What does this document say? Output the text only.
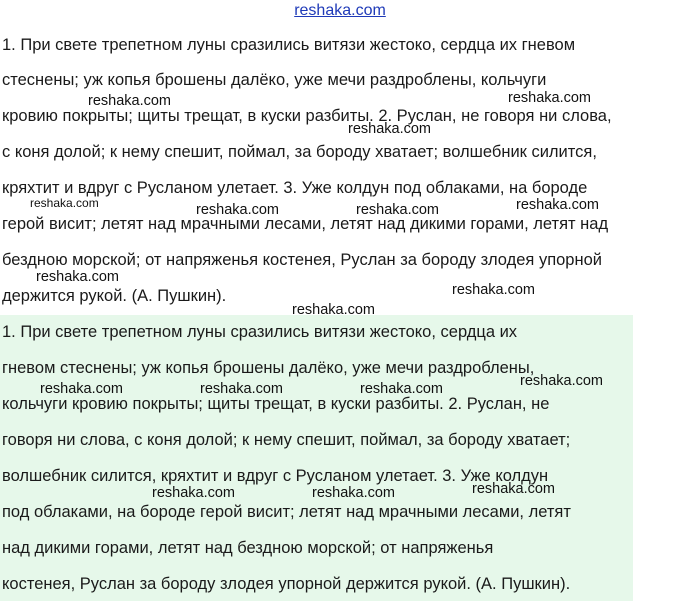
reshaka.com
1. При свете трепетном луны сразились витязи жестоко, сердца их гневом
стеснены; уж копья брошены далёко, уже мечи раздроблены, кольчуги
кровию покрыты; щиты трещат, в куски разбиты. 2. Руслан, не говоря ни слова,
с коня долой; к нему спешит, поймал, за бороду хватает; волшебник силится,
кряхтит и вдруг с Русланом улетает. 3. Уже колдун под облаками, на бороде
герой висит; летят над мрачными лесами, летят над дикими горами, летят над
бездною морской; от напряженья костенея, Руслан за бороду злодея упорной
держится рукой. (А. Пушкин).
1. При свете трепетном луны сразились витязи жестоко, сердца их
гневом стеснены; уж копья брошены далёко, уже мечи раздроблены,
кольчуги кровию покрыты; щиты трещат, в куски разбиты. 2. Руслан, не
говоря ни слова, с коня долой; к нему спешит, поймал, за бороду хватает;
волшебник силится, кряхтит и вдруг с Русланом улетает. 3. Уже колдун
под облаками, на бороде герой висит; летят над мрачными лесами, летят
над дикими горами, летят над бездною морской; от напряженья
костенея, Руслан за бороду злодея упорной держится рукой. (А. Пушкин).
reshaka.com	reshaka.com
reshaka.com
reshaka.com	reshaka.com	reshaka.com	reshaka.com
reshaka.com
reshaka.com
reshaka.com
reshaka.com	reshaka.com	reshaka.com	reshaka.com
reshaka.com	reshaka.com	reshaka.com
